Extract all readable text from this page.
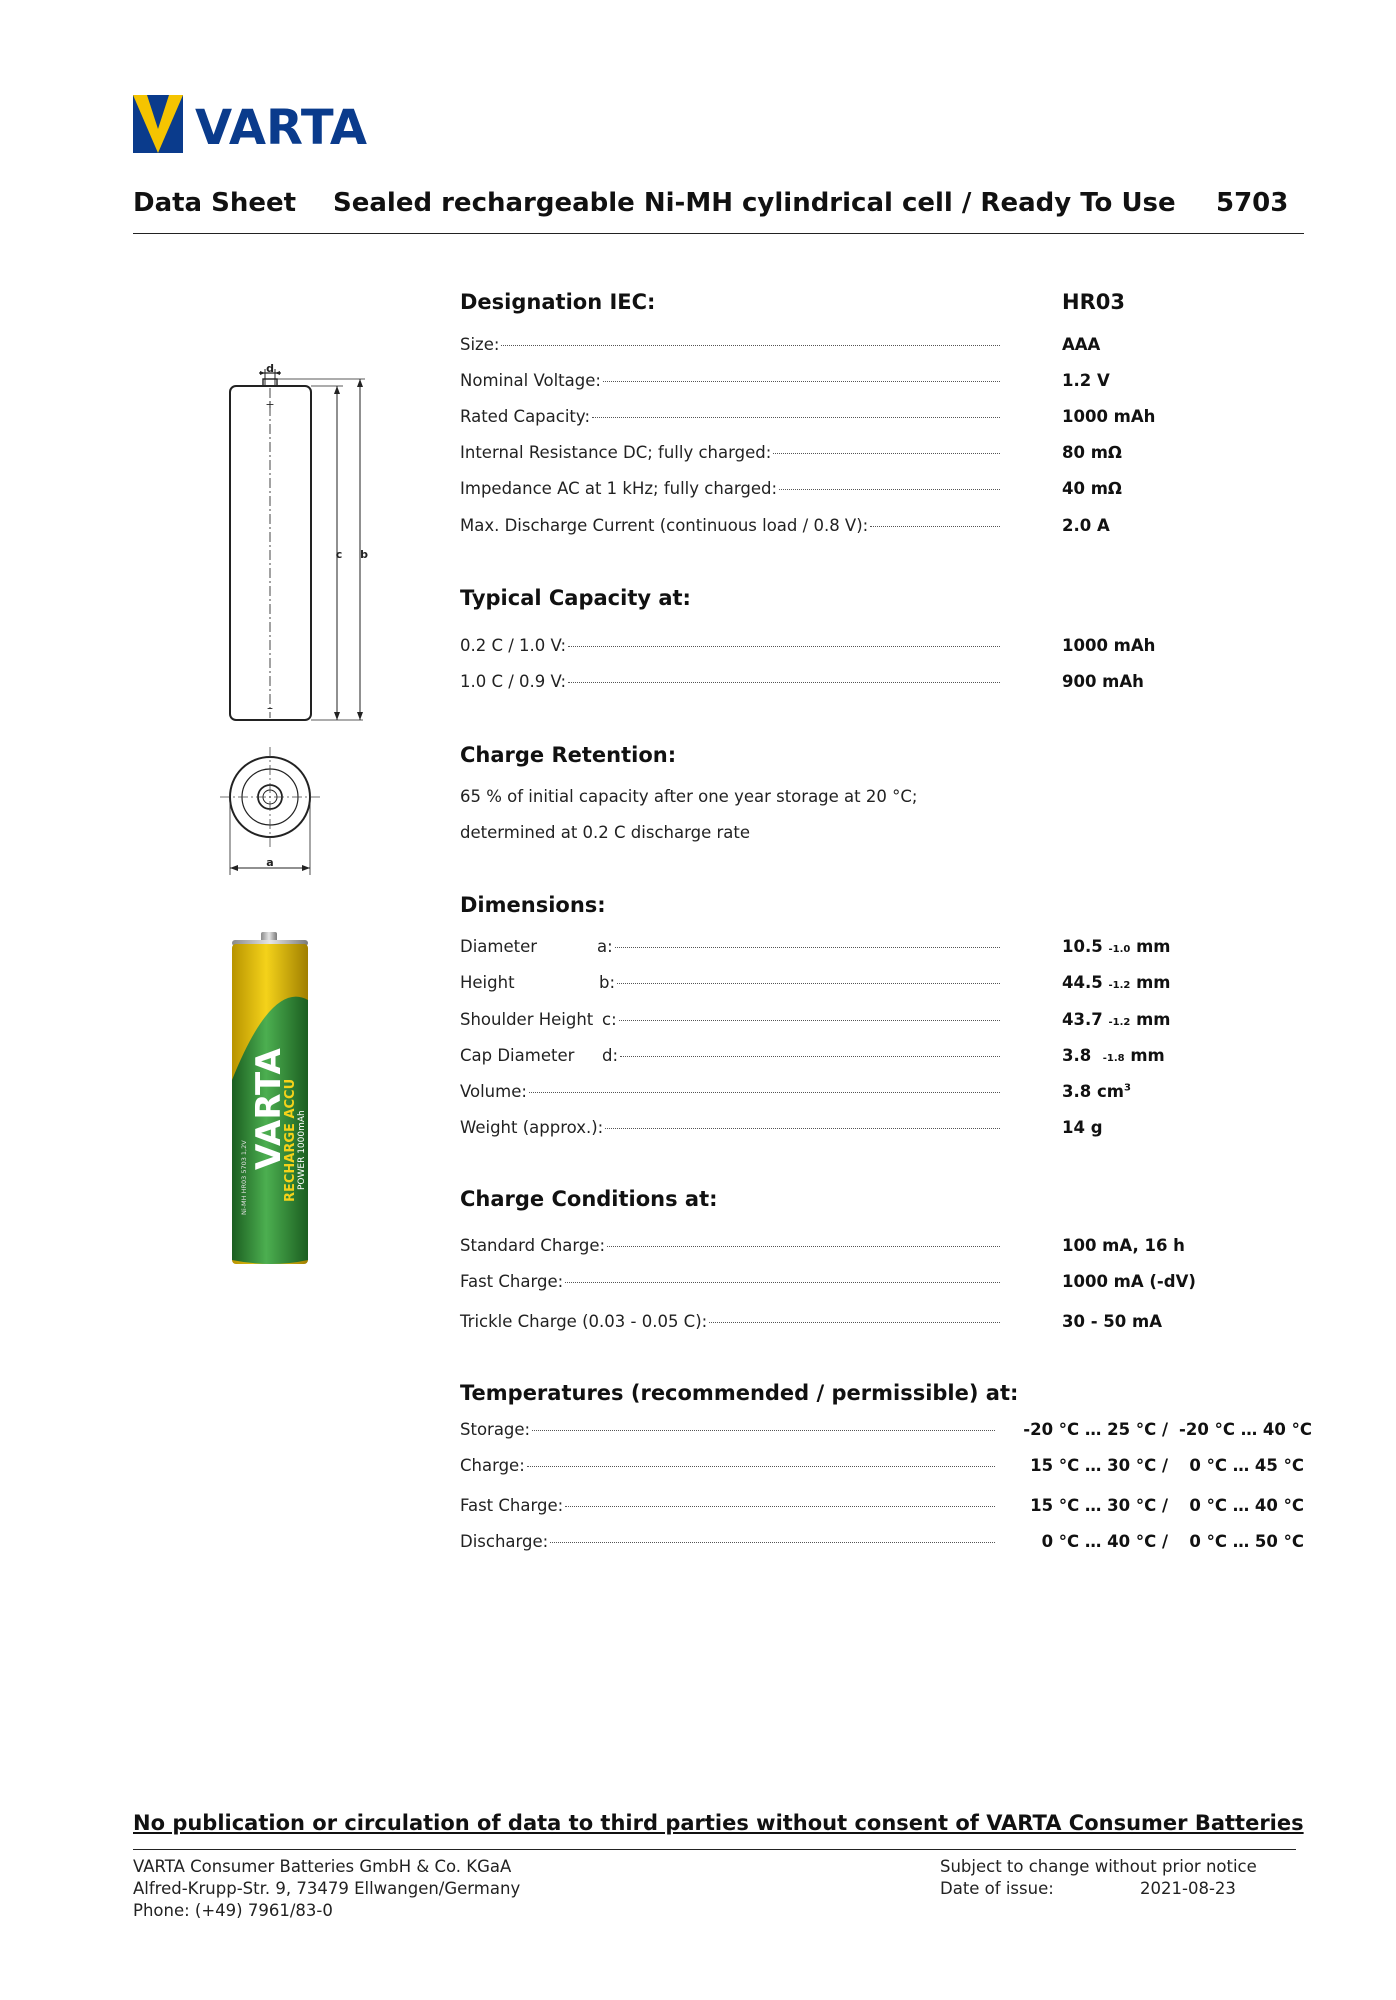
VARTA
Data Sheet Sealed rechargeable Ni-MH cylindrical cell / Ready To Use 5703
d
+
–
c b
a
VARTA
RECHARGE ACCU POWER 1000mAh
Ni-MH HR03 5703 1,2V
Designation IEC:	HR03
Size:	AAA
Nominal Voltage:	1.2 V
Rated Capacity:	1000 mAh
Internal Resistance DC; fully charged:	80 mΩ
Impedance AC at 1 kHz; fully charged:	40 mΩ
Max. Discharge Current (continuous load / 0.8 V):	2.0 A
Typical Capacity at:
0.2 C / 1.0 V:	1000 mAh
1.0 C / 0.9 V:	900 mAh
Charge Retention:
65 % of initial capacity after one year storage at 20 °C;
determined at 0.2 C discharge rate
Dimensions:
Diameter	a:	10.5 -1.0 mm
Height	b:	44.5 -1.2 mm
Shoulder Height c:	43.7 -1.2 mm
Cap Diameter	d:	3.8 -1.8 mm
Volume:	3.8 $cm^3$
Weight (approx.):	14 g
Charge Conditions at:
Standard Charge:	100 mA, 16 h
Fast Charge:	1000 mA (-dV)
Trickle Charge (0.03 - 0.05 C):	30 - 50 mA
Temperatures (recommended / permissible) at:
Storage:	-20 °C … 25 °C / -20 °C … 40 °C
Charge:	15 °C … 30 °C / 0 °C … 45 °C
Fast Charge:	15 °C … 30 °C / 0 °C … 40 °C
Discharge:	0 °C … 40 °C / 0 °C … 50 °C
No publication or circulation of data to third parties without consent of VARTA Consumer Batteries
VARTA Consumer Batteries GmbH & Co. KGaA
Alfred-Krupp-Str. 9, 73479 Ellwangen/Germany
Phone: (+49) 7961/83-0
Subject to change without prior notice
Date of issue:	2021-08-23
